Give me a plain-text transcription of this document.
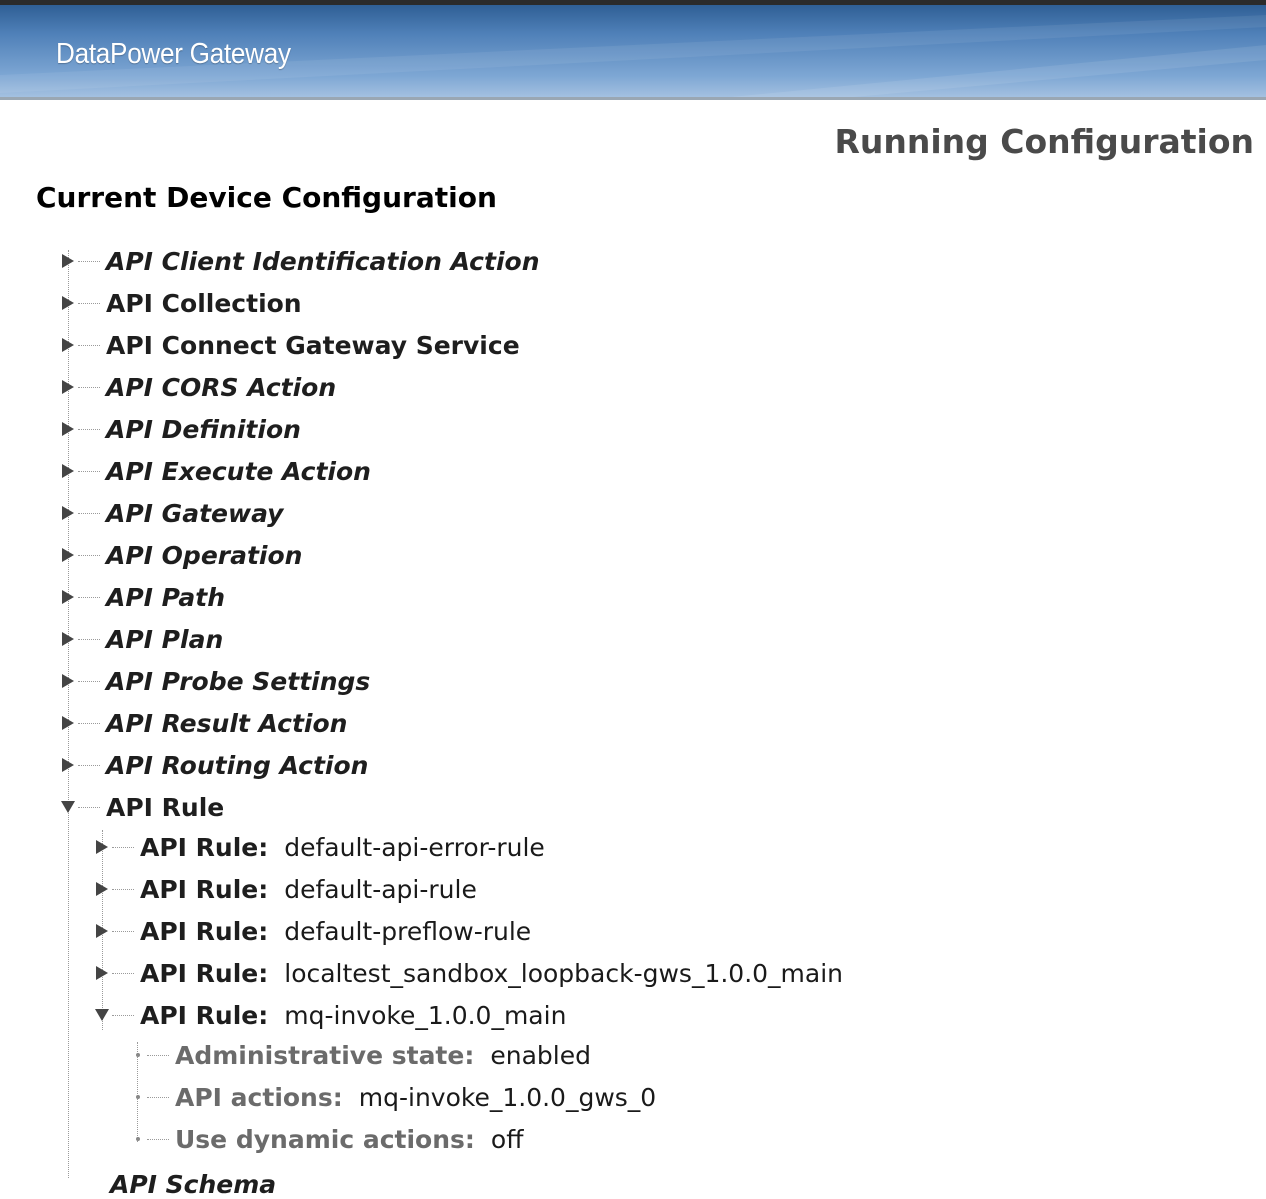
DataPower Gateway
Running Configuration
Current Device Configuration
API Client Identification Action
API Collection
API Connect Gateway Service
API CORS Action
API Definition
API Execute Action
API Gateway
API Operation
API Path
API Plan
API Probe Settings
API Result Action
API Routing Action
API Rule
API Rule: default-api-error-rule
API Rule: default-api-rule
API Rule: default-preflow-rule
API Rule: localtest_sandbox_loopback-gws_1.0.0_main
API Rule: mq-invoke_1.0.0_main
Administrative state: enabled
API actions: mq-invoke_1.0.0_gws_0
Use dynamic actions: off
API Schema
